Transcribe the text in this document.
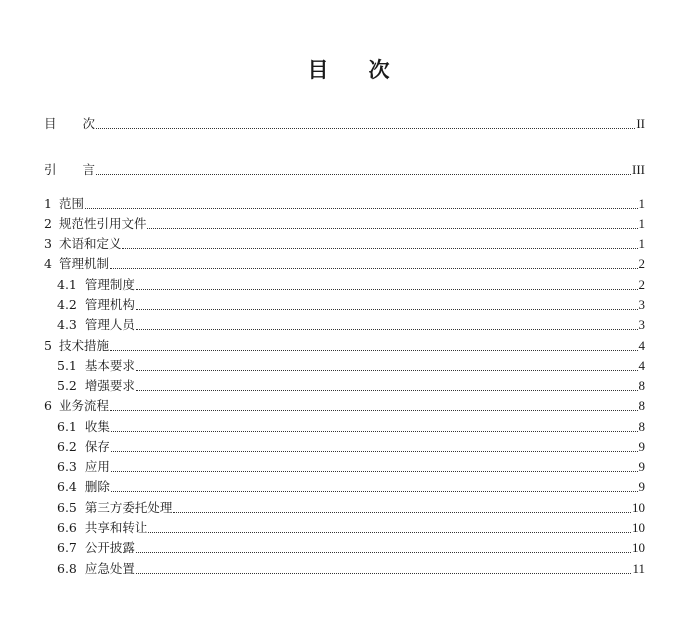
目 次
目 次	II
引 言	III
1 范围	1
2 规范性引用文件	1
3 术语和定义	1
4 管理机制	2
4.1 管理制度	2
4.2 管理机构	3
4.3 管理人员	3
5 技术措施	4
5.1 基本要求	4
5.2 增强要求	8
6 业务流程	8
6.1 收集	8
6.2 保存	9
6.3 应用	9
6.4 删除	9
6.5 第三方委托处理	10
6.6 共享和转让	10
6.7 公开披露	10
6.8 应急处置	11
